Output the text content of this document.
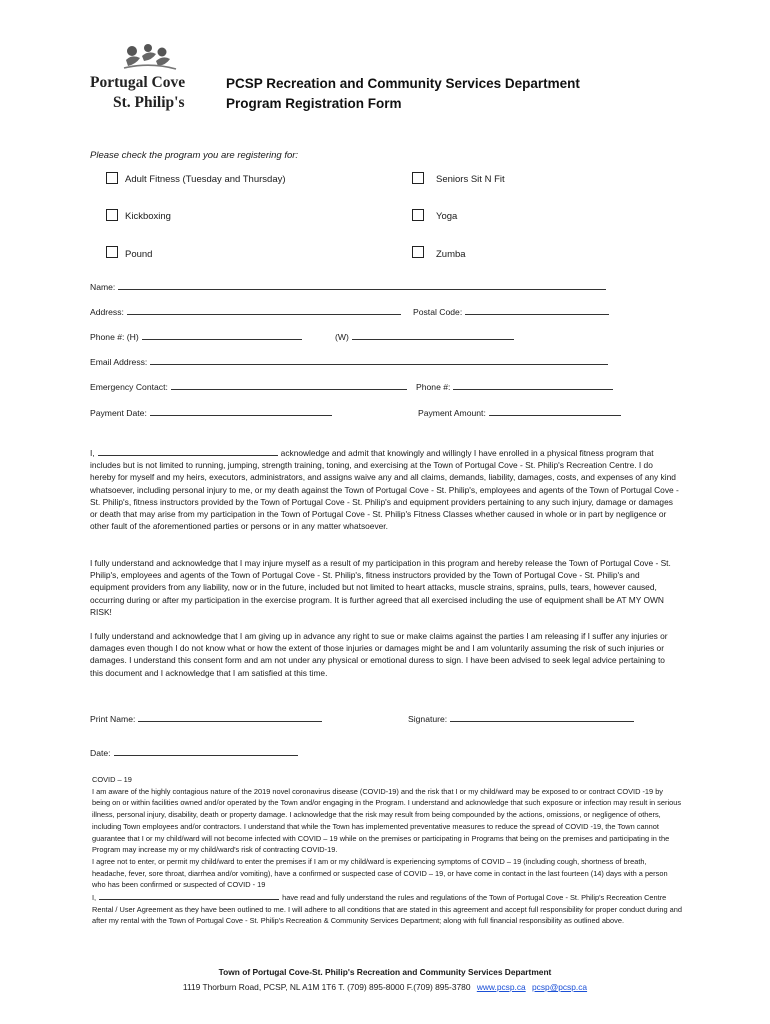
Portugal Cove
St. Philip's
PCSP Recreation and Community Services Department
Program Registration Form
Please check the program you are registering for:
Adult Fitness (Tuesday and Thursday)	Seniors Sit N Fit
Kickboxing	Yoga
Pound	Zumba
Name:
Address:	Postal Code:
Phone #: (H)	(W)
Email Address:
Emergency Contact:	Phone #:
Payment Date:	Payment Amount:
I,	acknowledge and admit that knowingly and willingly I have enrolled in a physical fitness program that includes but is not limited to running, jumping, strength training, toning, and exercising at the Town of Portugal Cove - St. Philip's Recreation Centre. I do hereby for myself and my heirs, executors, administrators, and assigns waive any and all claims, demands, liability, damages, costs, and expenses of any kind whatsoever, including personal injury to me, or my death against the Town of Portugal Cove - St. Philip's, employees and agents of the Town of Portugal Cove - St. Philip's, fitness instructors provided by the Town of Portugal Cove - St. Philip's and equipment providers pertaining to any such injury, damage or damages or death that may arise from my participation in the Town of Portugal Cove - St. Philip's Fitness Classes whether caused in whole or in part by negligence or other fault of the aforementioned parties or persons or in any matter whatsoever.
I fully understand and acknowledge that I may injure myself as a result of my participation in this program and hereby release the Town of Portugal Cove - St. Philip's, employees and agents of the Town of Portugal Cove - St. Philip's, fitness instructors provided by the Town of Portugal Cove - St. Philip's and equipment providers from any liability, now or in the future, included but not limited to heart attacks, muscle strains, sprains, pulls, tears, however caused, occurring during or after my participation in the exercise program. It is further agreed that all exercised including the use of equipment shall be AT MY OWN RISK!
I fully understand and acknowledge that I am giving up in advance any right to sue or make claims against the parties I am releasing if I suffer any injuries or damages even though I do not know what or how the extent of those injuries or damages might be and I am voluntarily assuming the risk of such injuries or damages. I understand this consent form and am not under any physical or emotional duress to sign. I have been advised to seek legal advice pertaining to this document and I acknowledge that I am satisfied at this time.
Print Name:	Signature:
Date:

COVID – 19

I am aware of the highly contagious nature of the 2019 novel coronavirus disease (COVID-19) and the risk that I or my child/ward may be exposed to or contract COVID -19 by being on or within facilities owned and/or operated by the Town and/or engaging in the Program. I understand and acknowledge that such exposure or infection may result in serious illness, personal injury, disability, death or property damage. I acknowledge that the risk may result from being compounded by the actions, omissions, or negligence of others, including Town employees and/or contractors. I understand that while the Town has implemented preventative measures to reduce the spread of COVID -19, the Town cannot guarantee that I or my child/ward will not become infected with COVID – 19 while on the premises or participating in Programs that being on the premises and participating in the Program may increase my or my child/ward's risk of contracting COVID-19.

I agree not to enter, or permit my child/ward to enter the premises if I am or my child/ward is experiencing symptoms of COVID – 19 (including cough, shortness of breath, headache, fever, sore throat, diarrhea and/or vomiting), have a confirmed or suspected case of COVID – 19, or have come in contact in the last fourteen (14) days with a person who has been confirmed or suspected of COVID - 19

I,	have read and fully understand the rules and regulations of the Town of Portugal Cove - St. Philip's Recreation Centre Rental / User Agreement as they have been outlined to me. I will adhere to all conditions that are stated in this agreement and accept full responsibility for proper conduct during and after my rental with the Town of Portugal Cove - St. Philip's Recreation & Community Services Department; along with full financial responsibility as outlined above.

Town of Portugal Cove-St. Philip's Recreation and Community Services Department
1119 Thorburn Road, PCSP, NL A1M 1T6 T. (709) 895-8000 F.(709) 895-3780 www.pcsp.ca pcsp@pcsp.ca
